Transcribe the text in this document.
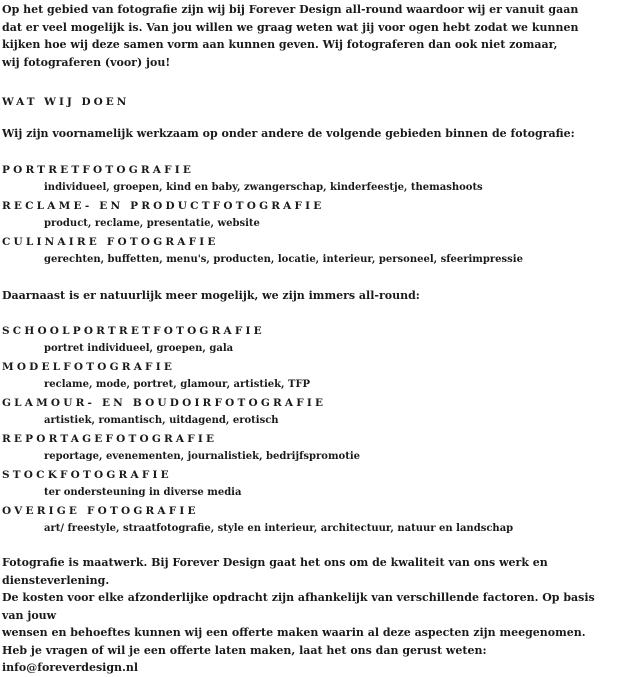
Op het gebied van fotografie zijn wij bij Forever Design all-round waardoor wij er vanuit gaan

dat er veel mogelijk is. Van jou willen we graag weten wat jij voor ogen hebt zodat we kunnen

kijken hoe wij deze samen vorm aan kunnen geven. Wij fotograferen dan ook niet zomaar,

wij fotograferen (voor) jou!

WAT WIJ DOEN

Wij zijn voornamelijk werkzaam op onder andere de volgende gebieden binnen de fotografie:

PORTRETFOTOGRAFIE
individueel, groepen, kind en baby, zwangerschap, kinderfeestje, themashoots
RECLAME- EN PRODUCTFOTOGRAFIE
product, reclame, presentatie, website
CULINAIRE FOTOGRAFIE
gerechten, buffetten, menu's, producten, locatie, interieur, personeel, sfeerimpressie

Daarnaast is er natuurlijk meer mogelijk, we zijn immers all-round:

SCHOOLPORTRETFOTOGRAFIE
portret individueel, groepen, gala
MODELFOTOGRAFIE
reclame, mode, portret, glamour, artistiek, TFP
GLAMOUR- EN BOUDOIRFOTOGRAFIE
artistiek, romantisch, uitdagend, erotisch
REPORTAGEFOTOGRAFIE
reportage, evenementen, journalistiek, bedrijfspromotie
STOCKFOTOGRAFIE
ter ondersteuning in diverse media
OVERIGE FOTOGRAFIE
art/ freestyle, straatfotografie, style en interieur, architectuur, natuur en landschap

Fotografie is maatwerk. Bij Forever Design gaat het ons om de kwaliteit van ons werk en diensteverlening.

De kosten voor elke afzonderlijke opdracht zijn afhankelijk van verschillende factoren. Op basis van jouw

wensen en behoeftes kunnen wij een offerte maken waarin al deze aspecten zijn meegenomen.

Heb je vragen of wil je een offerte laten maken, laat het ons dan gerust weten: info@foreverdesign.nl
